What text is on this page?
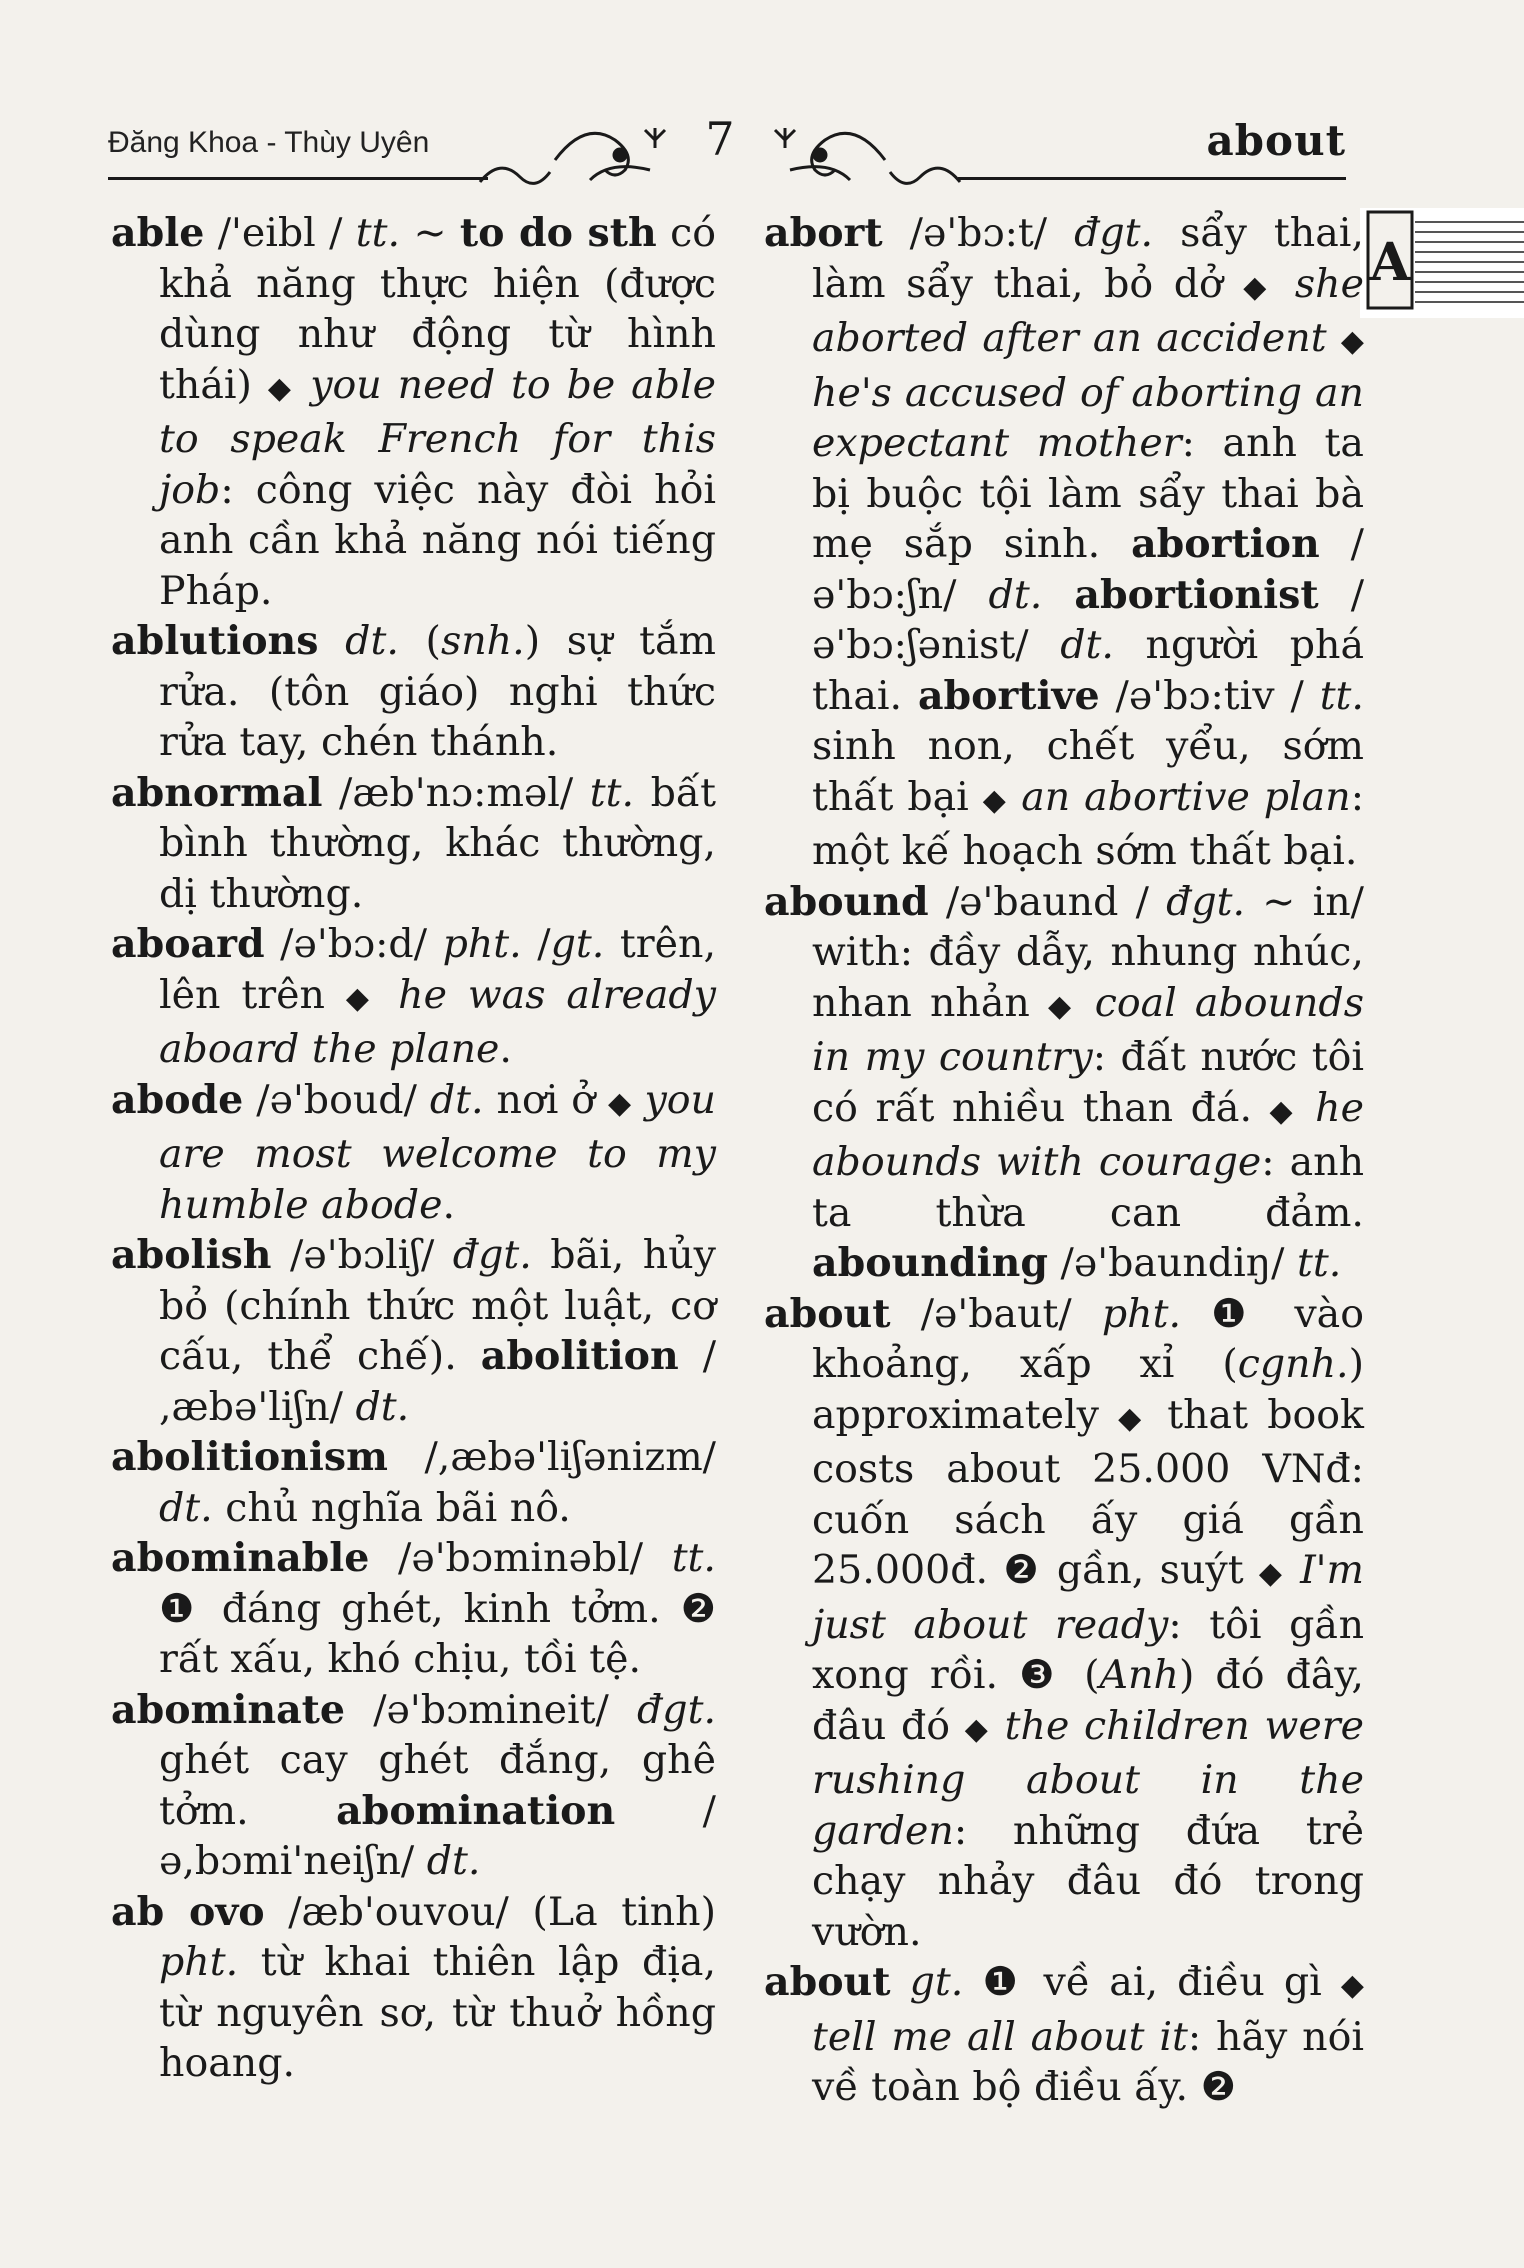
Đăng Khoa - Thùy Uyên	7	about
A
able /'eibl / tt. ~ to do sth có khả năng thực hiện (được dùng như động từ hình thái) ◆ you need to be able to speak French for this job: công việc này đòi hỏi anh cần khả năng nói tiếng Pháp.
ablutions dt. (snh.) sự tắm rửa. (tôn giáo) nghi thức rửa tay, chén thánh.
abnormal /æb'nɔ:məl/ tt. bất bình thường, khác thường, dị thường.
aboard /ə'bɔ:d/ pht. /gt. trên, lên trên ◆ he was already aboard the plane.
abode /ə'boud/ dt. nơi ở ◆ you are most welcome to my humble abode.
abolish /ə'bɔliʃ/ đgt. bãi, hủy bỏ (chính thức một luật, cơ cấu, thể chế). abolition / ,æbə'liʃn/ dt.
abolitionism /,æbə'liʃənizm/ dt. chủ nghĩa bãi nô.
abominable /ə'bɔminəbl/ tt. ❶ đáng ghét, kinh tởm. ❷ rất xấu, khó chịu, tồi tệ.
abominate /ə'bɔmineit/ đgt. ghét cay ghét đắng, ghê tởm. abomination /ə,bɔmi'neiʃn/ dt.
ab ovo /æb'ouvou/ (La tinh) pht. từ khai thiên lập địa, từ nguyên sơ, từ thuở hồng hoang.
abort /ə'bɔ:t/ đgt. sẩy thai, làm sẩy thai, bỏ dở ◆ she aborted after an accident ◆ he's accused of aborting an expectant mother: anh ta bị buộc tội làm sẩy thai bà mẹ sắp sinh. abortion /ə'bɔ:ʃn/ dt. abortionist / ə'bɔ:ʃənist/ dt. người phá thai. abortive /ə'bɔ:tiv / tt. sinh non, chết yểu, sớm thất bại ◆ an abortive plan: một kế hoạch sớm thất bại.
abound /ə'baund / đgt. ~ in/ with: đầy dẫy, nhung nhúc, nhan nhản ◆ coal abounds in my country: đất nước tôi có rất nhiều than đá. ◆ he abounds with courage: anh ta thừa can đảm. abounding /ə'baundiŋ/ tt.
about /ə'baut/ pht. ❶ vào khoảng, xấp xỉ (cgnh.) approximately ◆ that book costs about 25.000 VNđ: cuốn sách ấy giá gần 25.000đ. ❷ gần, suýt ◆ I'm just about ready: tôi gần xong rồi. ❸ (Anh) đó đây, đâu đó ◆ the children were rushing about in the garden: những đứa trẻ chạy nhảy đâu đó trong vườn.
about gt. ❶ về ai, điều gì ◆ tell me all about it: hãy nói về toàn bộ điều ấy. ❷
